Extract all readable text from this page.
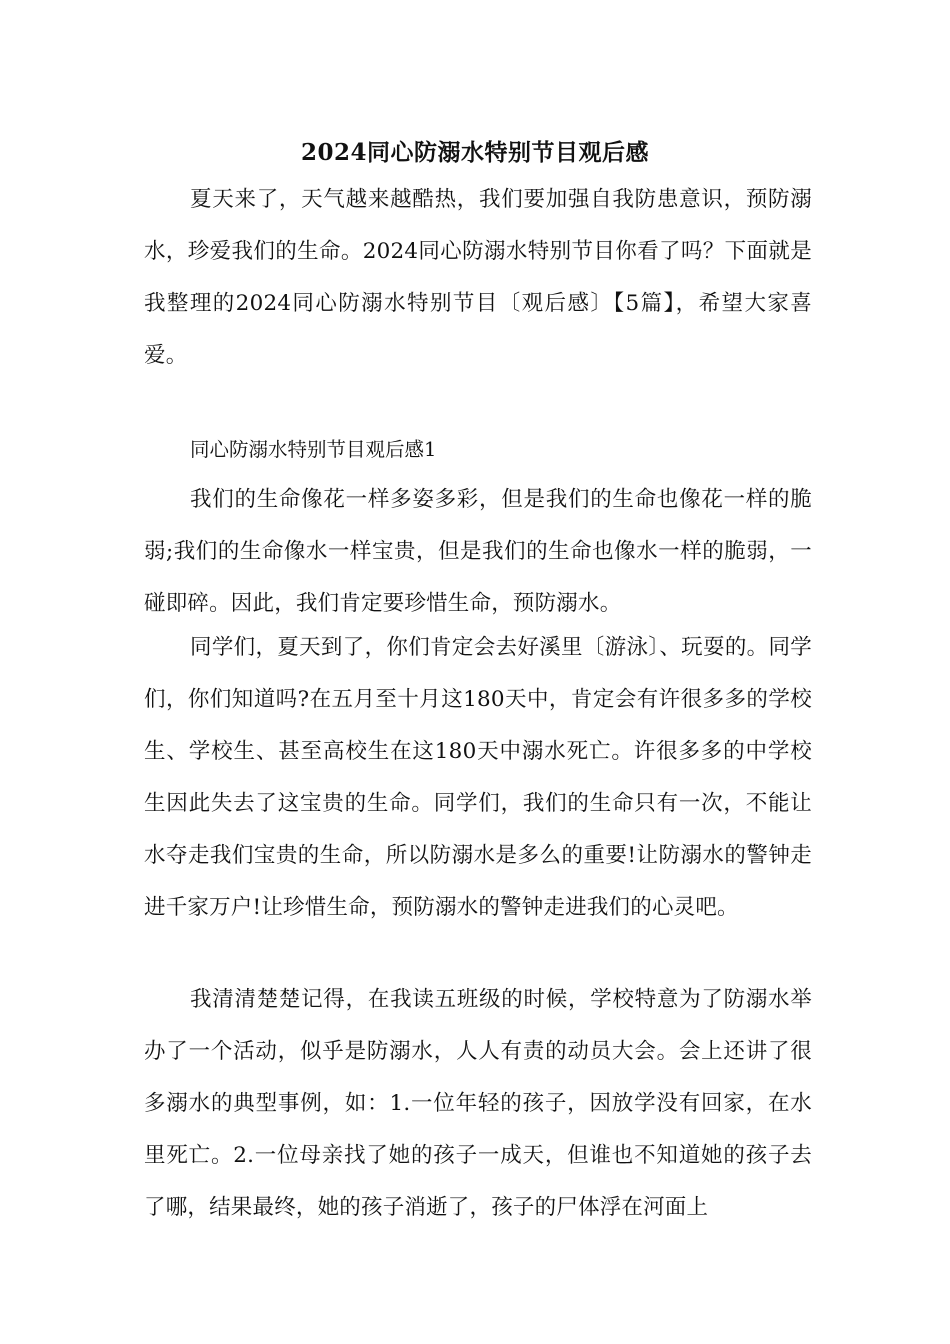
2024同心防溺水特别节目观后感

夏天来了，天气越来越酷热，我们要加强自我防患意识，预防溺水，珍爱我们的生命。2024同心防溺水特别节目你看了吗？下面就是我整理的2024同心防溺水特别节目〔观后感〕【5篇】，希望大家喜爱。

同心防溺水特别节目观后感1

我们的生命像花一样多姿多彩，但是我们的生命也像花一样的脆弱;我们的生命像水一样宝贵，但是我们的生命也像水一样的脆弱，一碰即碎。因此，我们肯定要珍惜生命，预防溺水。

同学们，夏天到了，你们肯定会去好溪里〔游泳〕、玩耍的。同学们，你们知道吗?在五月至十月这180天中，肯定会有许很多多的学校生、学校生、甚至高校生在这180天中溺水死亡。许很多多的中学校生因此失去了这宝贵的生命。同学们，我们的生命只有一次，不能让水夺走我们宝贵的生命，所以防溺水是多么的重要!让防溺水的警钟走进千家万户!让珍惜生命，预防溺水的警钟走进我们的心灵吧。

我清清楚楚记得，在我读五班级的时候，学校特意为了防溺水举办了一个活动，似乎是防溺水，人人有责的动员大会。会上还讲了很多溺水的典型事例，如：1.一位年轻的孩子，因放学没有回家，在水里死亡。2.一位母亲找了她的孩子一成天，但谁也不知道她的孩子去了哪，结果最终，她的孩子消逝了，孩子的尸体浮在河面上
